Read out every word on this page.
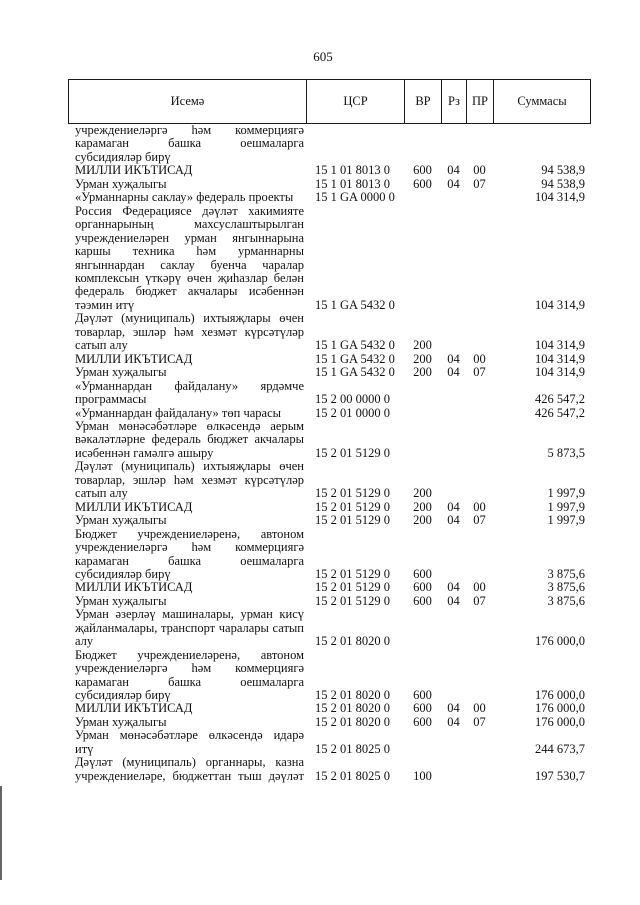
605
Исемә	ЦСР	ВР	Рз ПР	Суммасы
учреждениеләргә һәм коммерциягә
карамаган башка оешмаларга
субсидияләр бирү
МИЛЛИ ИКЪТИСАД	15 1 01 8013 0	600	04	00	94 538,9
Урман хуҗалыгы	15 1 01 8013 0	600	04	07	94 538,9
«Урманнарны саклау» федераль проекты	15 1 GA 0000 0	104 314,9
Россия Федерациясе дәүләт хакимияте
органнарының махсуслаштырылган
учреждениеләрен урман янгыннарына
каршы техника һәм урманнарны
янгыннардан саклау буенча чаралар
комплексын үткәрү өчен җиһазлар белән
федераль бюджет акчалары исәбеннән
тәэмин итү	15 1 GA 5432 0	104 314,9
Дәүләт (муниципаль) ихтыяҗлары өчен
товарлар, эшләр һәм хезмәт күрсәтүләр
сатып алу	15 1 GA 5432 0	200	104 314,9
МИЛЛИ ИКЪТИСАД	15 1 GA 5432 0	200	04	00	104 314,9
Урман хуҗалыгы	15 1 GA 5432 0	200	04	07	104 314,9
«Урманнардан файдалану» ярдәмче
программасы	15 2 00 0000 0	426 547,2
«Урманнардан файдалану» төп чарасы	15 2 01 0000 0	426 547,2
Урман мөнәсәбәтләре өлкәсендә аерым
вәкаләтләрне федераль бюджет акчалары
исәбеннән гамәлгә ашыру	15 2 01 5129 0	5 873,5
Дәүләт (муниципаль) ихтыяҗлары өчен
товарлар, эшләр һәм хезмәт күрсәтүләр
сатып алу	15 2 01 5129 0	200	1 997,9
МИЛЛИ ИКЪТИСАД	15 2 01 5129 0	200	04	00	1 997,9
Урман хуҗалыгы	15 2 01 5129 0	200	04	07	1 997,9
Бюджет учреждениеләренә, автоном
учреждениеләргә һәм коммерциягә
карамаган башка оешмаларга
субсидияләр бирү	15 2 01 5129 0	600	3 875,6
МИЛЛИ ИКЪТИСАД	15 2 01 5129 0	600	04	00	3 875,6
Урман хуҗалыгы	15 2 01 5129 0	600	04	07	3 875,6
Урман әзерләү машиналары, урман кисү
җайланмалары, транспорт чаралары сатып
алу	15 2 01 8020 0	176 000,0
Бюджет учреждениеләренә, автоном
учреждениеләргә һәм коммерциягә
карамаган башка оешмаларга
субсидияләр бирү	15 2 01 8020 0	600	176 000,0
МИЛЛИ ИКЪТИСАД	15 2 01 8020 0	600	04	00	176 000,0
Урман хуҗалыгы	15 2 01 8020 0	600	04	07	176 000,0
Урман мөнәсәбәтләре өлкәсендә идарә
итү	15 2 01 8025 0	244 673,7
Дәүләт (муниципаль) органнары, казна
учреждениеләре, бюджеттан тыш дәүләт 15 2 01 8025 0	100	197 530,7
